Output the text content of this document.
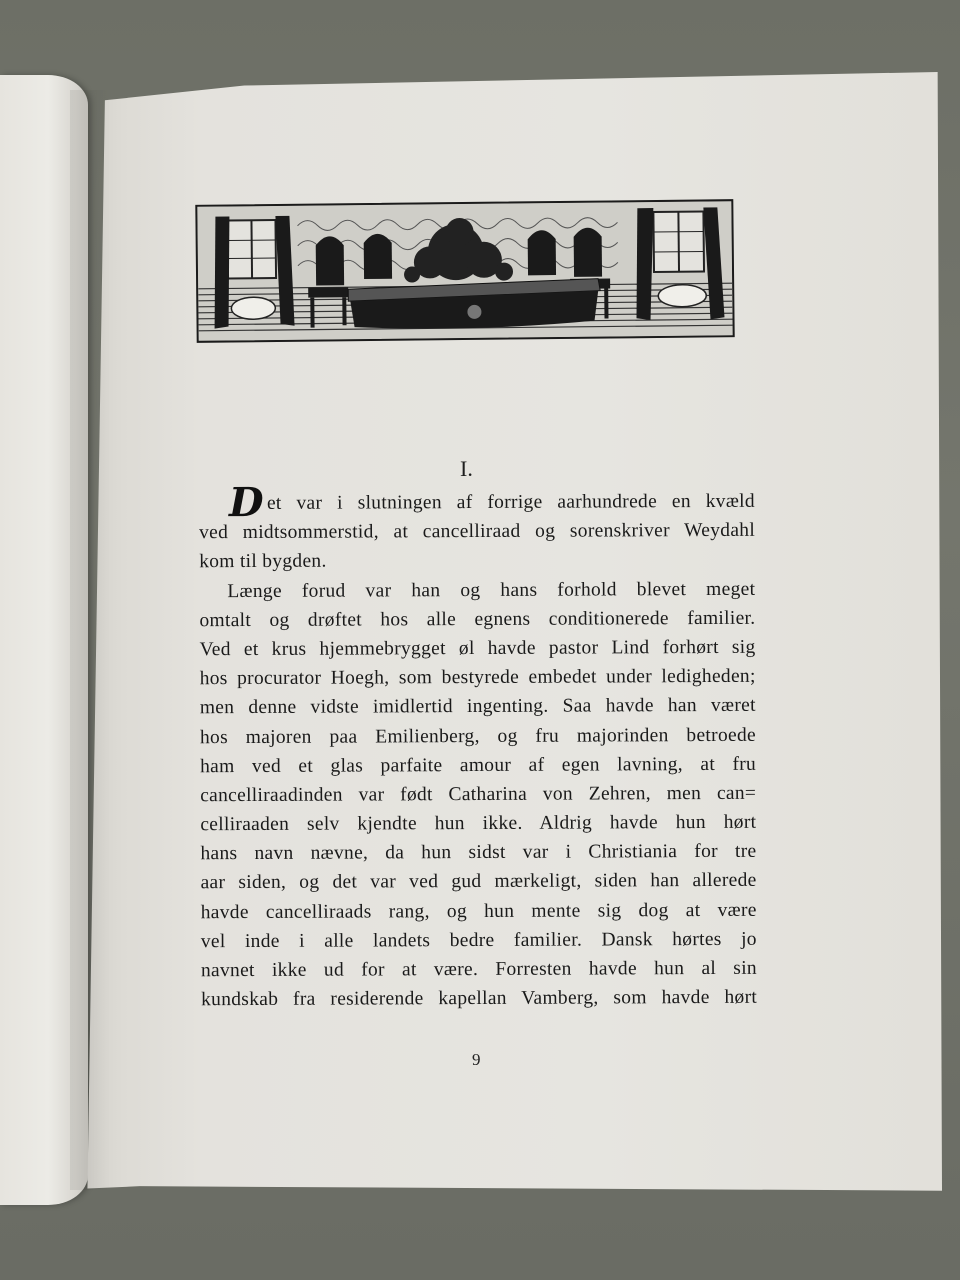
I.
Det var i slutningen af forrige aarhundrede en kvæld
ved midtsommerstid, at cancelliraad og sorenskriver Weydahl
kom til bygden.
Længe forud var han og hans forhold blevet meget
omtalt og drøftet hos alle egnens conditionerede familier.
Ved et krus hjemmebrygget øl havde pastor Lind forhørt sig
hos procurator Hoegh, som bestyrede embedet under ledigheden;
men denne vidste imidlertid ingenting. Saa havde han været
hos majoren paa Emilienberg, og fru majorinden betroede
ham ved et glas parfaite amour af egen lavning, at fru
cancelliraadinden var født Catharina von Zehren, men can=
celliraaden selv kjendte hun ikke. Aldrig havde hun hørt
hans navn nævne, da hun sidst var i Christiania for tre
aar siden, og det var ved gud mærkeligt, siden han allerede
havde cancelliraads rang, og hun mente sig dog at være
vel inde i alle landets bedre familier. Dansk hørtes jo
navnet ikke ud for at være. Forresten havde hun al sin
kundskab fra residerende kapellan Vamberg, som havde hørt
9
